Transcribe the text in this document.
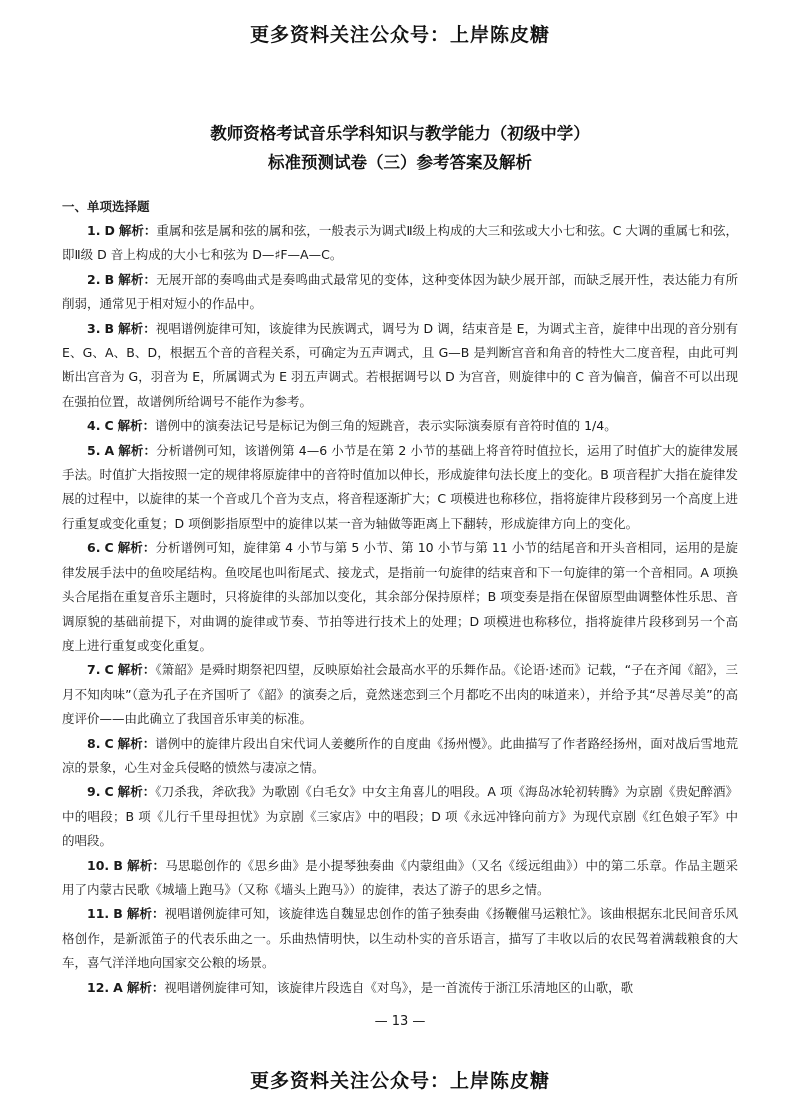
更多资料关注公众号：上岸陈皮糖
教师资格考试音乐学科知识与教学能力（初级中学）
标准预测试卷（三）参考答案及解析
一、单项选择题

1. D 解析：重属和弦是属和弦的属和弦，一般表示为调式Ⅱ级上构成的大三和弦或大小七和弦。C 大调的重属七和弦，即Ⅱ级 D 音上构成的大小七和弦为 D—♯F—A—C。

2. B 解析：无展开部的奏鸣曲式是奏鸣曲式最常见的变体，这种变体因为缺少展开部，而缺乏展开性，表达能力有所削弱，通常见于相对短小的作品中。

3. B 解析：视唱谱例旋律可知，该旋律为民族调式，调号为 D 调，结束音是 E，为调式主音，旋律中出现的音分别有 E、G、A、B、D，根据五个音的音程关系，可确定为五声调式，且 G—B 是判断宫音和角音的特性大二度音程，由此可判断出宫音为 G，羽音为 E，所属调式为 E 羽五声调式。若根据调号以 D 为宫音，则旋律中的 C 音为偏音，偏音不可以出现在强拍位置，故谱例所给调号不能作为参考。

4. C 解析：谱例中的演奏法记号是标记为倒三角的短跳音，表示实际演奏原有音符时值的 1/4。

5. A 解析：分析谱例可知，该谱例第 4—6 小节是在第 2 小节的基础上将音符时值拉长，运用了时值扩大的旋律发展手法。时值扩大指按照一定的规律将原旋律中的音符时值加以伸长，形成旋律句法长度上的变化。B 项音程扩大指在旋律发展的过程中，以旋律的某一个音或几个音为支点，将音程逐渐扩大；C 项模进也称移位，指将旋律片段移到另一个高度上进行重复或变化重复；D 项倒影指原型中的旋律以某一音为轴做等距离上下翻转，形成旋律方向上的变化。

6. C 解析：分析谱例可知，旋律第 4 小节与第 5 小节、第 10 小节与第 11 小节的结尾音和开头音相同，运用的是旋律发展手法中的鱼咬尾结构。鱼咬尾也叫衔尾式、接龙式，是指前一句旋律的结束音和下一句旋律的第一个音相同。A 项换头合尾指在重复音乐主题时，只将旋律的头部加以变化，其余部分保持原样；B 项变奏是指在保留原型曲调整体性乐思、音调原貌的基础前提下，对曲调的旋律或节奏、节拍等进行技术上的处理；D 项模进也称移位，指将旋律片段移到另一个高度上进行重复或变化重复。

7. C 解析：《箫韶》是舜时期祭祀四望，反映原始社会最高水平的乐舞作品。《论语·述而》记载，“子在齐闻《韶》，三月不知肉味”（意为孔子在齐国听了《韶》的演奏之后，竟然迷恋到三个月都吃不出肉的味道来），并给予其“尽善尽美”的高度评价——由此确立了我国音乐审美的标准。

8. C 解析：谱例中的旋律片段出自宋代词人姜夔所作的自度曲《扬州慢》。此曲描写了作者路经扬州，面对战后雪地荒凉的景象，心生对金兵侵略的愤然与凄凉之情。

9. C 解析：《刀杀我，斧砍我》为歌剧《白毛女》中女主角喜儿的唱段。A 项《海岛冰轮初转腾》为京剧《贵妃醉酒》中的唱段；B 项《儿行千里母担忧》为京剧《三家店》中的唱段；D 项《永远冲锋向前方》为现代京剧《红色娘子军》中的唱段。

10. B 解析：马思聪创作的《思乡曲》是小提琴独奏曲《内蒙组曲》（又名《绥远组曲》）中的第二乐章。作品主题采用了内蒙古民歌《城墙上跑马》（又称《墙头上跑马》）的旋律，表达了游子的思乡之情。

11. B 解析：视唱谱例旋律可知，该旋律选自魏显忠创作的笛子独奏曲《扬鞭催马运粮忙》。该曲根据东北民间音乐风格创作，是新派笛子的代表乐曲之一。乐曲热情明快，以生动朴实的音乐语言，描写了丰收以后的农民驾着满载粮食的大车，喜气洋洋地向国家交公粮的场景。

12. A 解析：视唱谱例旋律可知，该旋律片段选自《对鸟》，是一首流传于浙江乐清地区的山歌，歌

— 13 —
更多资料关注公众号：上岸陈皮糖
